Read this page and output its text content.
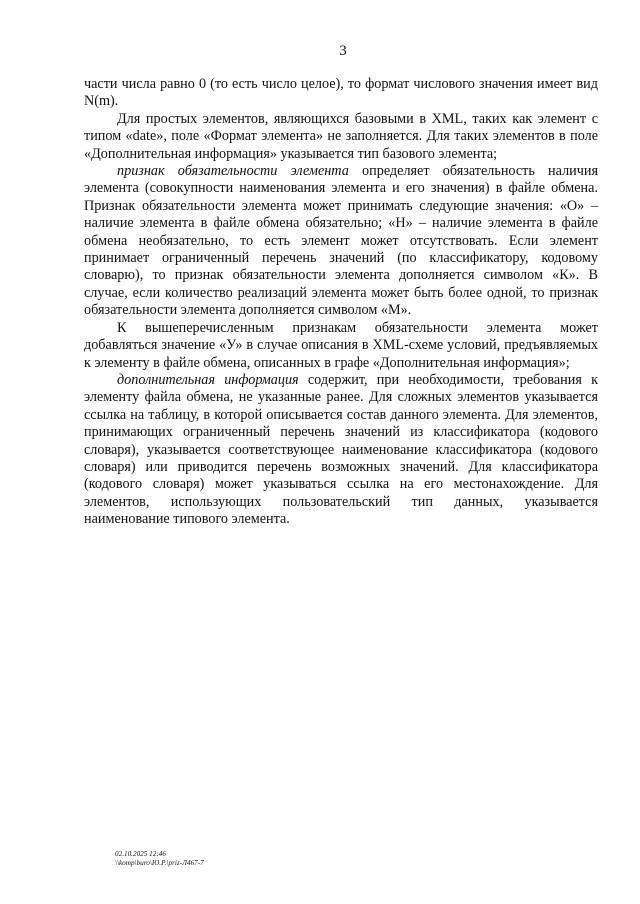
3

части числа равно 0 (то есть число целое), то формат числового значения имеет вид N(m).

Для простых элементов, являющихся базовыми в XML, таких как элемент с типом «date», поле «Формат элемента» не заполняется. Для таких элементов в поле «Дополнительная информация» указывается тип базового элемента;

признак обязательности элемента определяет обязательность наличия элемента (совокупности наименования элемента и его значения) в файле обмена. Признак обязательности элемента может принимать следующие значения: «О» – наличие элемента в файле обмена обязательно; «Н» – наличие элемента в файле обмена необязательно, то есть элемент может отсутствовать. Если элемент принимает ограниченный перечень значений (по классификатору, кодовому словарю), то признак обязательности элемента дополняется символом «К». В случае, если количество реализаций элемента может быть более одной, то признак обязательности элемента дополняется символом «М».

К вышеперечисленным признакам обязательности элемента может добавляться значение «У» в случае описания в XML-схеме условий, предъявляемых к элементу в файле обмена, описанных в графе «Дополнительная информация»;

дополнительная информация содержит, при необходимости, требования к элементу файла обмена, не указанные ранее. Для сложных элементов указывается ссылка на таблицу, в которой описывается состав данного элемента. Для элементов, принимающих ограниченный перечень значений из классификатора (кодового словаря), указывается соответствующее наименование классификатора (кодового словаря) или приводится перечень возможных значений. Для классификатора (кодового словаря) может указываться ссылка на его местонахождение. Для элементов, использующих пользовательский тип данных, указывается наименование типового элемента.

02.10.2025 12:46
\\komp\buro\Ю.Р.\priz-Л467-7
